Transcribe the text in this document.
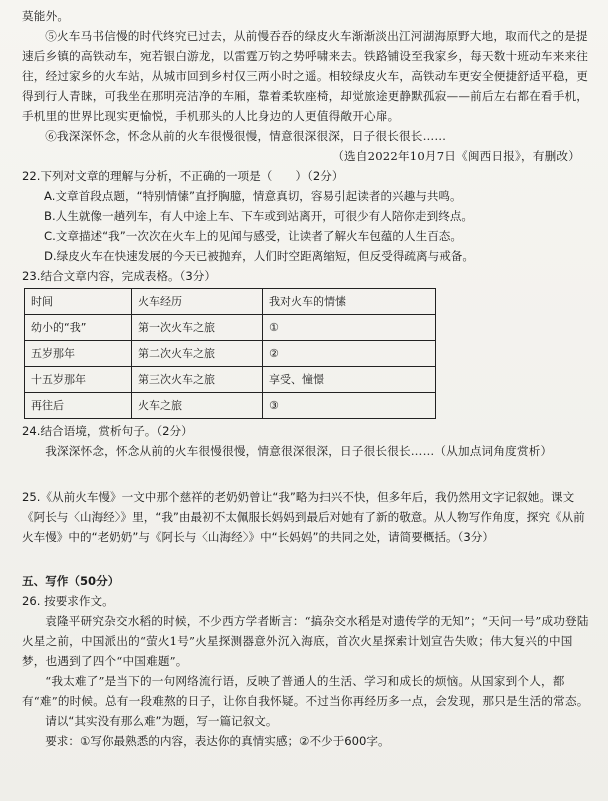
莫能外。

⑤火车马书信慢的时代终究已过去，从前慢吞吞的绿皮火车渐渐淡出江河湖海原野大地，取而代之的是提速后乡镇的高铁动车，宛若银白游龙，以雷霆万钧之势呼啸来去。铁路铺设至我家乡，每天数十班动车来来往往，经过家乡的火车站，从城市回到乡村仅三两小时之遥。相较绿皮火车，高铁动车更安全便捷舒适平稳，更得到行人青睐，可我坐在那明亮洁净的车厢，靠着柔软座椅，却觉旅途更静默孤寂——前后左右都在看手机，手机里的世界比现实更愉悦，手机那头的人比身边的人更值得敞开心扉。

⑥我深深怀念，怀念从前的火车很慢很慢，情意很深很深，日子很长很长……

（选自2022年10月7日《闽西日报》，有删改）

22.下列对文章的理解与分析，不正确的一项是（　　）（2分）

A.文章首段点题，“特别情愫”直抒胸臆，情意真切，容易引起读者的兴趣与共鸣。

B.人生就像一趟列车，有人中途上车、下车或到站离开，可很少有人陪你走到终点。

C.文章描述“我”一次次在火车上的见闻与感受，让读者了解火车包蕴的人生百态。

D.绿皮火车在快速发展的今天已被抛弃，人们时空距离缩短，但反受得疏离与戒备。

23.结合文章内容，完成表格。（3分）

时间	火车经历	我对火车的情愫
幼小的“我”	第一次火车之旅	①
五岁那年	第二次火车之旅	②
十五岁那年	第三次火车之旅	享受、憧憬
再往后	火车之旅	③

24.结合语境，赏析句子。（2分）

我深深怀念，怀念从前的火车很慢很慢，情意很深很深，日子很长很长……（从加点词角度赏析）

25.《从前火车慢》一文中那个慈祥的老奶奶曾让“我”略为扫兴不快，但多年后，我仍然用文字记叙她。课文《阿长与〈山海经〉》里，“我”由最初不太佩服长妈妈到最后对她有了新的敬意。从人物写作角度，探究《从前火车慢》中的“老奶奶”与《阿长与〈山海经〉》中“长妈妈”的共同之处，请简要概括。（3分）

五、写作（50分）

26. 按要求作文。

袁隆平研究杂交水稻的时候，不少西方学者断言：“搞杂交水稻是对遗传学的无知”；“天问一号”成功登陆火星之前，中国派出的“萤火1号”火星探测器意外沉入海底，首次火星探索计划宣告失败；伟大复兴的中国梦，也遇到了四个“中国难题”。

“我太难了”是当下的一句网络流行语，反映了普通人的生活、学习和成长的烦恼。从国家到个人，都有“难”的时候。总有一段难熬的日子，让你自我怀疑。不过当你再经历多一点，会发现，那只是生活的常态。

请以“其实没有那么难”为题，写一篇记叙文。

要求：①写你最熟悉的内容，表达你的真情实感；②不少于600字。
